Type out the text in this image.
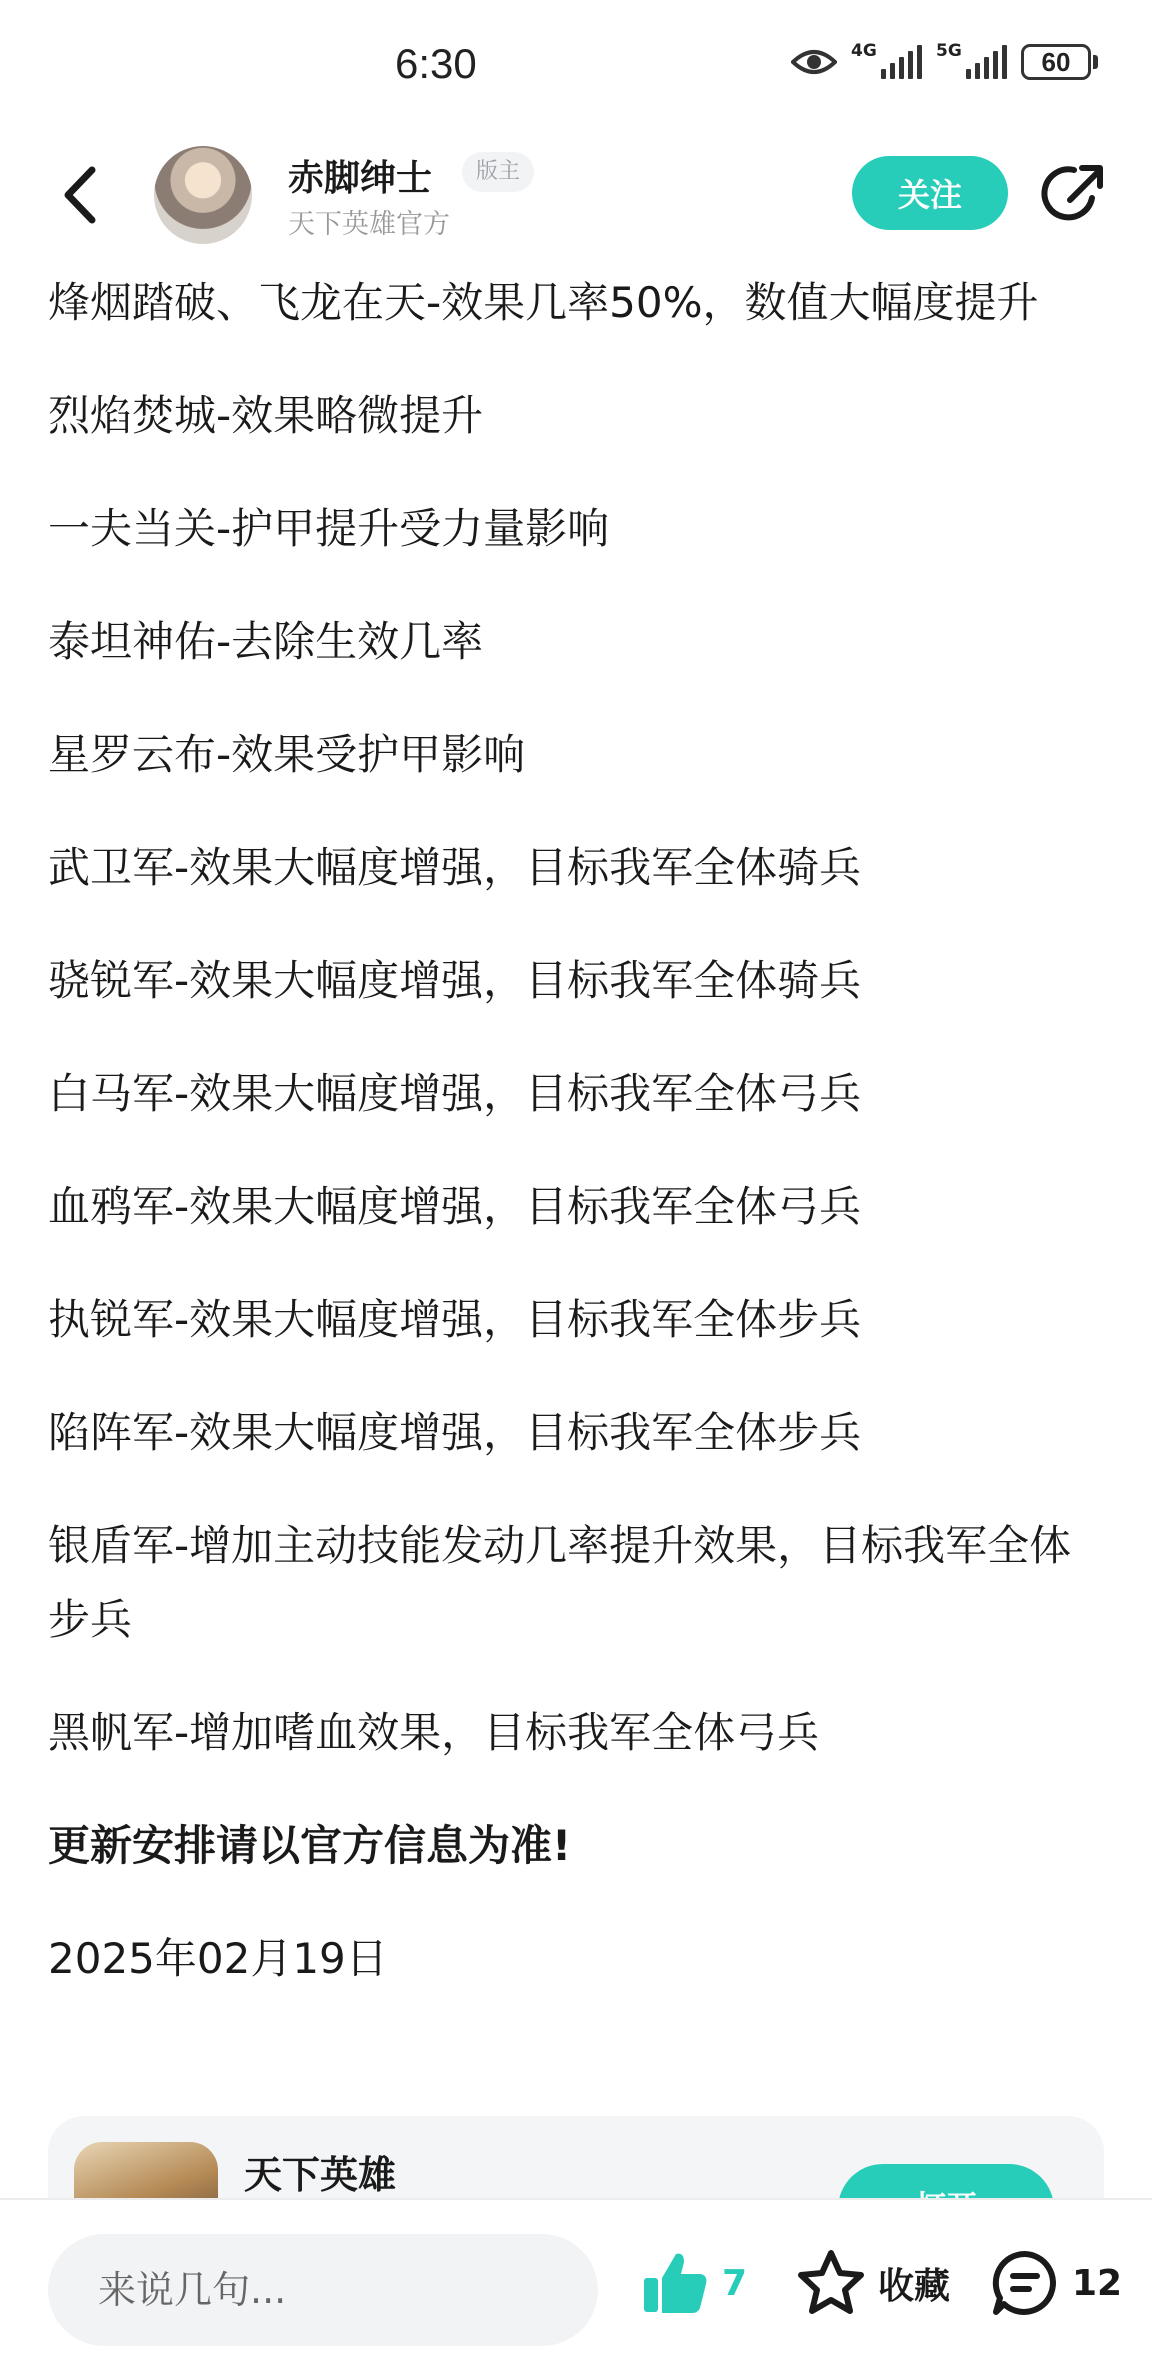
6:30	4G	5G	60
赤脚绅士	版主
天下英雄官方
关注

烽烟踏破、飞龙在天-效果几率50%，数值大幅度提升

烈焰焚城-效果略微提升

一夫当关-护甲提升受力量影响

泰坦神佑-去除生效几率

星罗云布-效果受护甲影响

武卫军-效果大幅度增强，目标我军全体骑兵

骁锐军-效果大幅度增强，目标我军全体骑兵

白马军-效果大幅度增强，目标我军全体弓兵

血鸦军-效果大幅度增强，目标我军全体弓兵

执锐军-效果大幅度增强，目标我军全体步兵

陷阵军-效果大幅度增强，目标我军全体步兵

银盾军-增加主动技能发动几率提升效果，目标我军全体步兵

黑帆军-增加嗜血效果，目标我军全体弓兵

更新安排请以官方信息为准!

2025年02月19日

天下英雄
来说几句...
7	收藏	12
